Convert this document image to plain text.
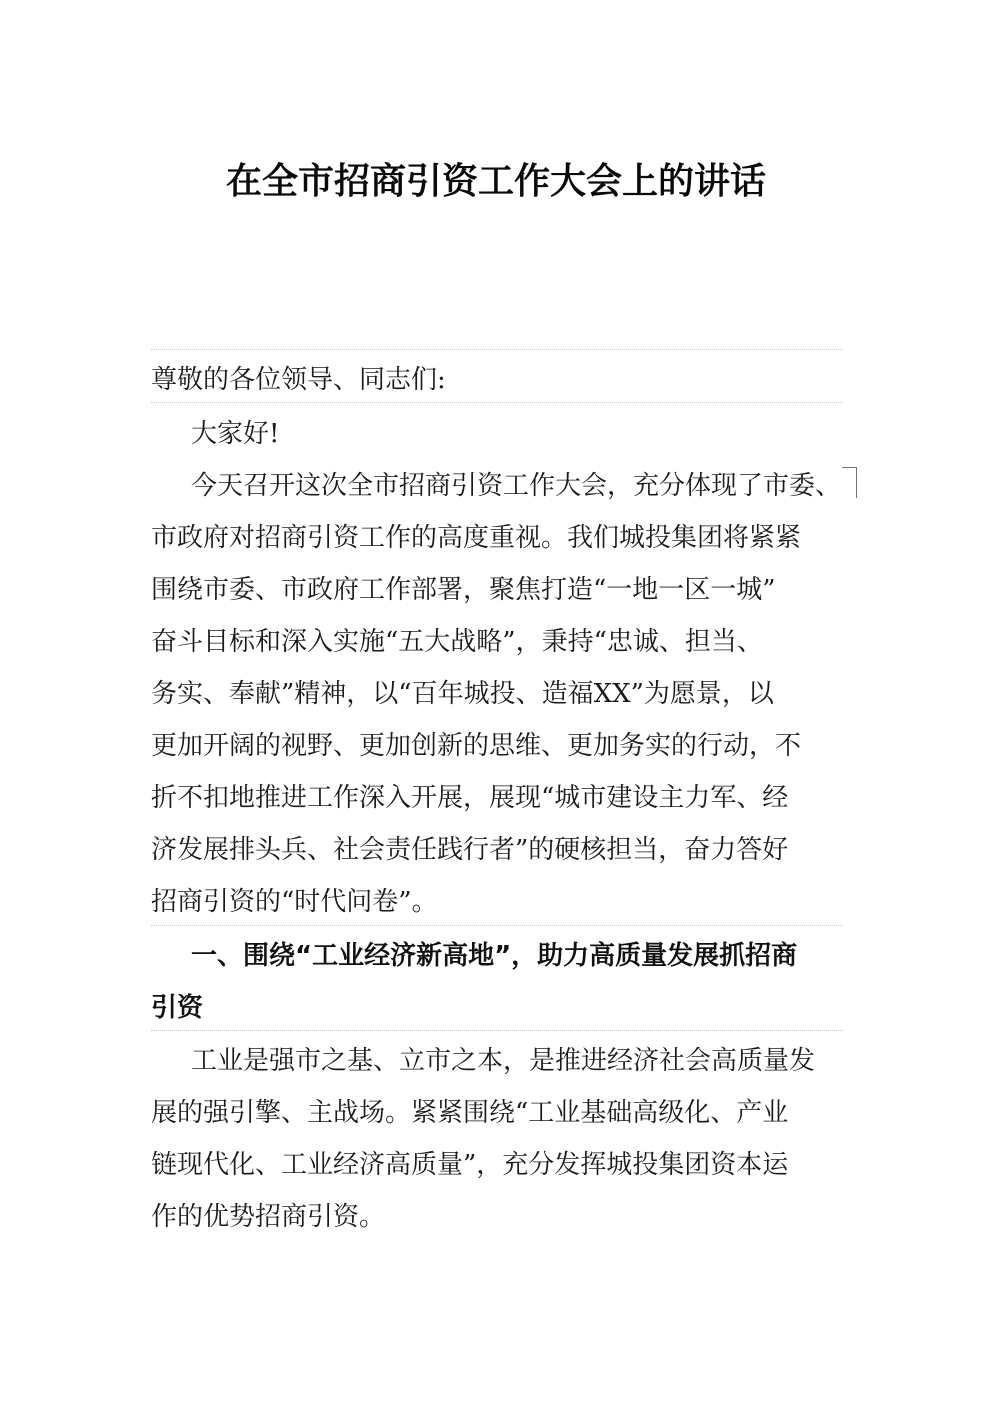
在全市招商引资工作大会上的讲话
尊敬的各位领导、同志们:
大家好!
今天召开这次全市招商引资工作大会，充分体现了市委、
市政府对招商引资工作的高度重视。我们城投集团将紧紧
围绕市委、市政府工作部署，聚焦打造“一地一区一城”
奋斗目标和深入实施“五大战略”，秉持“忠诚、担当、
务实、奉献”精神，以“百年城投、造福XX”为愿景，以
更加开阔的视野、更加创新的思维、更加务实的行动，不
折不扣地推进工作深入开展，展现“城市建设主力军、经
济发展排头兵、社会责任践行者”的硬核担当，奋力答好
招商引资的“时代问卷”。
一、围绕“工业经济新高地”，助力高质量发展抓招商
引资
工业是强市之基、立市之本，是推进经济社会高质量发
展的强引擎、主战场。紧紧围绕“工业基础高级化、产业
链现代化、工业经济高质量”，充分发挥城投集团资本运
作的优势招商引资。
